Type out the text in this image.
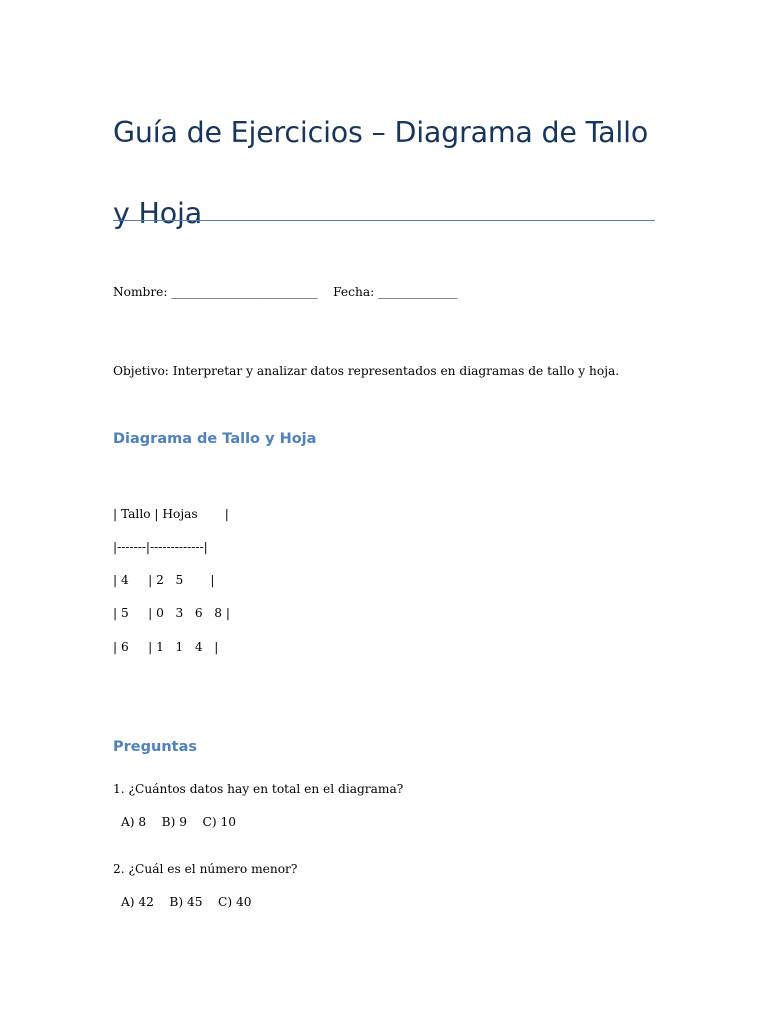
Guía de Ejercicios – Diagrama de Tallo y Hoja

Nombre: ________________________ Fecha: _____________

Objetivo: Interpretar y analizar datos representados en diagramas de tallo y hoja.

Diagrama de Tallo y Hoja

| Tallo | Hojas       |

|-------|-------------|

| 4     | 2   5       |

| 5     | 0   3   6   8 |

| 6     | 1   1   4   |

Preguntas

1. ¿Cuántos datos hay en total en el diagrama?

A) 8    B) 9    C) 10

2. ¿Cuál es el número menor?

A) 42    B) 45    C) 40
